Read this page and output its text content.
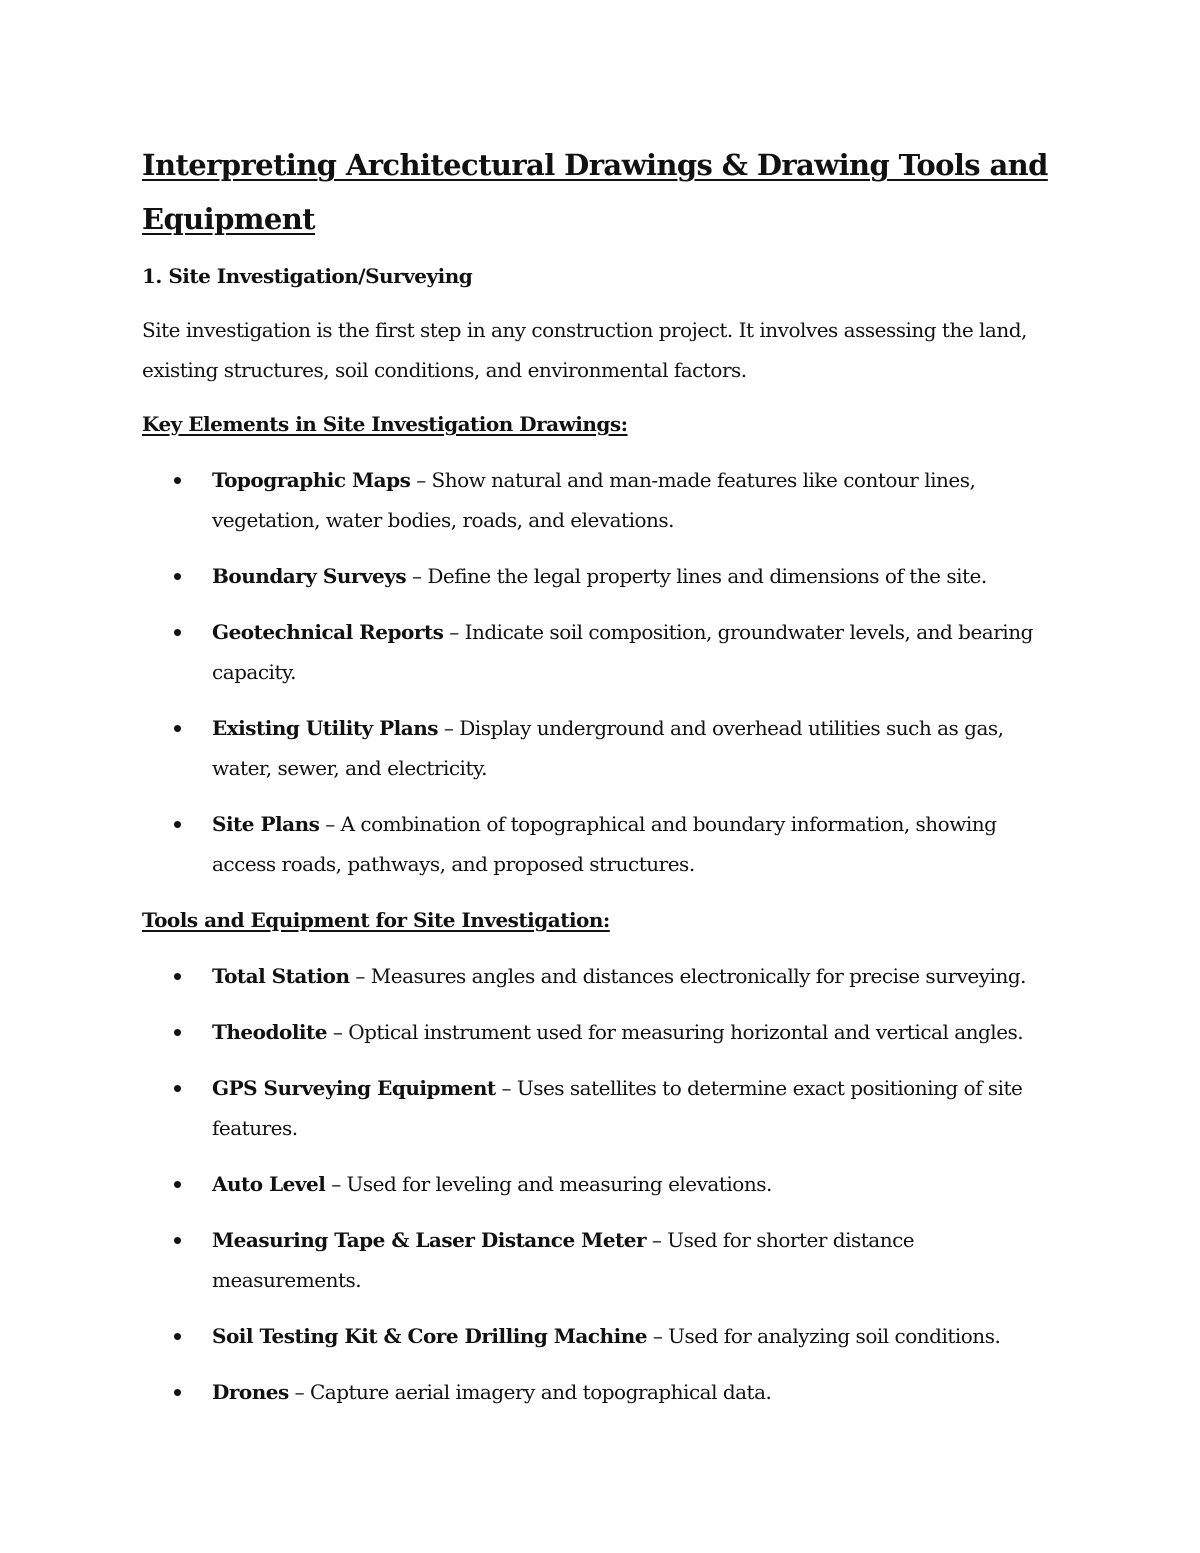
Interpreting Architectural Drawings & Drawing Tools and Equipment
1. Site Investigation/Surveying

Site investigation is the first step in any construction project. It involves assessing the land, existing structures, soil conditions, and environmental factors.

Key Elements in Site Investigation Drawings:
Topographic Maps – Show natural and man-made features like contour lines, vegetation, water bodies, roads, and elevations.
Boundary Surveys – Define the legal property lines and dimensions of the site.
Geotechnical Reports – Indicate soil composition, groundwater levels, and bearing capacity.
Existing Utility Plans – Display underground and overhead utilities such as gas, water, sewer, and electricity.
Site Plans – A combination of topographical and boundary information, showing access roads, pathways, and proposed structures.
Tools and Equipment for Site Investigation:
Total Station – Measures angles and distances electronically for precise surveying.
Theodolite – Optical instrument used for measuring horizontal and vertical angles.
GPS Surveying Equipment – Uses satellites to determine exact positioning of site features.
Auto Level – Used for leveling and measuring elevations.
Measuring Tape & Laser Distance Meter – Used for shorter distance measurements.
Soil Testing Kit & Core Drilling Machine – Used for analyzing soil conditions.
Drones – Capture aerial imagery and topographical data.
